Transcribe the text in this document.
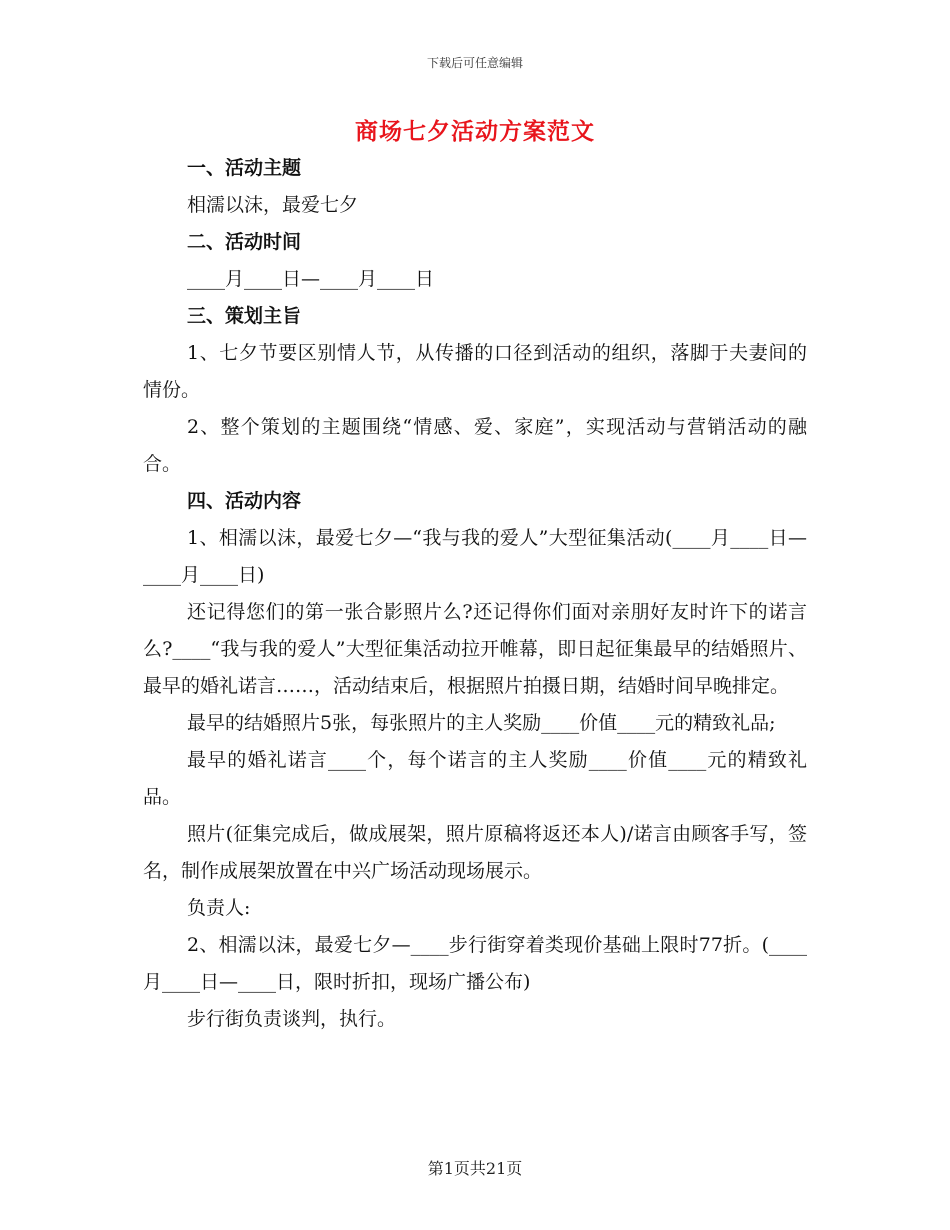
下载后可任意编辑
商场七夕活动方案范文
一、活动主题

相濡以沫，最爱七夕

二、活动时间

____月____日—____月____日

三、策划主旨

1、七夕节要区别情人节，从传播的口径到活动的组织，落脚于夫妻间的情份。

2、整个策划的主题围绕“情感、爱、家庭”，实现活动与营销活动的融合。

四、活动内容

1、相濡以沫，最爱七夕—“我与我的爱人”大型征集活动(____月____日—____月____日)

还记得您们的第一张合影照片么?还记得你们面对亲朋好友时许下的诺言么?____“我与我的爱人”大型征集活动拉开帷幕，即日起征集最早的结婚照片、最早的婚礼诺言……，活动结束后，根据照片拍摄日期，结婚时间早晚排定。

最早的结婚照片5张，每张照片的主人奖励____价值____元的精致礼品;

最早的婚礼诺言____个，每个诺言的主人奖励____价值____元的精致礼品。

照片(征集完成后，做成展架，照片原稿将返还本人)/诺言由顾客手写，签名，制作成展架放置在中兴广场活动现场展示。

负责人:

2、相濡以沫，最爱七夕—____步行街穿着类现价基础上限时77折。(____月____日—____日，限时折扣，现场广播公布)

步行街负责谈判，执行。

第1页共21页
